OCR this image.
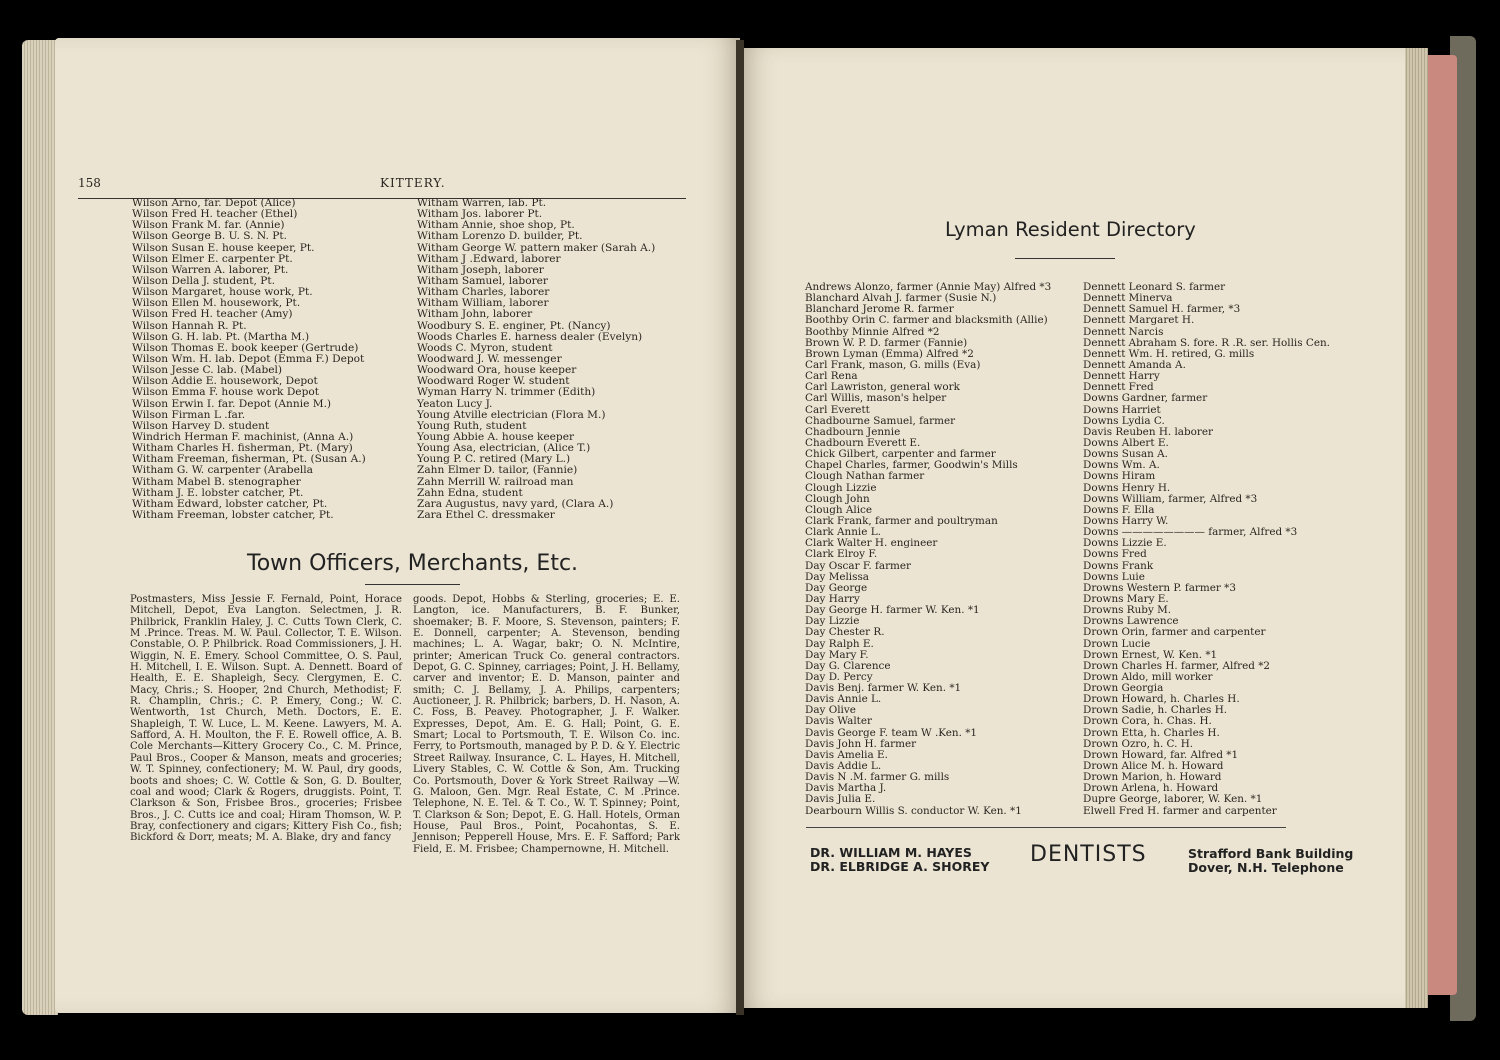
158	KITTERY.
Wilson Arno, far. Depot (Alice)
Wilson Fred H. teacher (Ethel)
Wilson Frank M. far. (Annie)
Wilson George B. U. S. N. Pt.
Wilson Susan E. house keeper, Pt.
Wilson Elmer E. carpenter Pt.
Wilson Warren A. laborer, Pt.
Wilson Della J. student, Pt.
Wilson Margaret, house work, Pt.
Wilson Ellen M. housework, Pt.
Wilson Fred H. teacher (Amy)
Wilson Hannah R. Pt.
Wilson G. H. lab. Pt. (Martha M.)
Wilson Thomas E. book keeper (Gertrude)
Wilson Wm. H. lab. Depot (Emma F.) Depot
Wilson Jesse C. lab. (Mabel)
Wilson Addie E. housework, Depot
Wilson Emma F. house work Depot
Wilson Erwin I. far. Depot (Annie M.)
Wilson Firman L .far.
Wilson Harvey D. student
Windrich Herman F. machinist, (Anna A.)
Witham Charles H. fisherman, Pt. (Mary)
Witham Freeman, fisherman, Pt. (Susan A.)
Witham G. W. carpenter (Arabella
Witham Mabel B. stenographer
Witham J. E. lobster catcher, Pt.
Witham Edward, lobster catcher, Pt.
Witham Freeman, lobster catcher, Pt.
Witham Warren, lab. Pt.
Witham Jos. laborer Pt.
Witham Annie, shoe shop, Pt.
Witham Lorenzo D. builder, Pt.
Witham George W. pattern maker (Sarah A.)
Witham J .Edward, laborer
Witham Joseph, laborer
Witham Samuel, laborer
Witham Charles, laborer
Witham William, laborer
Witham John, laborer
Woodbury S. E. enginer, Pt. (Nancy)
Woods Charles E. harness dealer (Evelyn)
Woods C. Myron, student
Woodward J. W. messenger
Woodward Ora, house keeper
Woodward Roger W. student
Wyman Harry N. trimmer (Edith)
Yeaton Lucy J.
Young Atville electrician (Flora M.)
Young Ruth, student
Young Abbie A. house keeper
Young Asa, electrician, (Alice T.)
Young P. C. retired (Mary L.)
Zahn Elmer D. tailor, (Fannie)
Zahn Merrill W. railroad man
Zahn Edna, student
Zara Augustus, navy yard, (Clara A.)
Zara Ethel C. dressmaker
Town Officers, Merchants, Etc.
Postmasters, Miss Jessie F. Fernald, Point, Horace Mitchell, Depot, Eva Langton. Selectmen, J. R. Philbrick, Franklin Haley, J. C. Cutts Town Clerk, C. M .Prince. Treas. M. W. Paul. Collector, T. E. Wilson. Constable, O. P. Philbrick. Road Commissioners, J. H. Wiggin, N. E. Emery. School Committee, O. S. Paul, H. Mitchell, I. E. Wilson. Supt. A. Dennett. Board of Health, E. E. Shapleigh, Secy. Clergymen, E. C. Macy, Chris.; S. Hooper, 2nd Church, Methodist; F. R. Champlin, Chris.; C. P. Emery, Cong.; W. C. Wentworth, 1st Church, Meth. Doctors, E. E. Shapleigh, T. W. Luce, L. M. Keene. Lawyers, M. A. Safford, A. H. Moulton, the F. E. Rowell office, A. B. Cole Merchants—Kittery Grocery Co., C. M. Prince, Paul Bros., Cooper & Manson, meats and groceries; W. T. Spinney, confectionery; M. W. Paul, dry goods, boots and shoes; C. W. Cottle & Son, G. D. Boulter, coal and wood; Clark & Rogers, druggists. Point, T. Clarkson & Son, Frisbee Bros., groceries; Frisbee Bros., J. C. Cutts ice and coal; Hiram Thomson, W. P. Bray, confectionery and cigars; Kittery Fish Co., fish; Bickford & Dorr, meats; M. A. Blake, dry and fancy
goods. Depot, Hobbs & Sterling, groceries; E. E. Langton, ice. Manufacturers, B. F. Bunker, shoemaker; B. F. Moore, S. Stevenson, painters; F. E. Donnell, carpenter; A. Stevenson, bending machines; L. A. Wagar, bakr; O. N. McIntire, printer; American Truck Co. general contractors. Depot, G. C. Spinney, carriages; Point, J. H. Bellamy, carver and inventor; E. D. Manson, painter and smith; C. J. Bellamy, J. A. Philips, carpenters; Auctioneer, J. R. Philbrick; barbers, D. H. Nason, A. C. Foss, B. Peavey. Photographer, J. F. Walker. Expresses, Depot, Am. E. G. Hall; Point, G. E. Smart; Local to Portsmouth, T. E. Wilson Co. inc. Ferry, to Portsmouth, managed by P. D. & Y. Electric Street Railway. Insurance, C. L. Hayes, H. Mitchell, Livery Stables, C. W. Cottle & Son, Am. Trucking Co. Portsmouth, Dover & York Street Railway —W. G. Maloon, Gen. Mgr. Real Estate, C. M .Prince. Telephone, N. E. Tel. & T. Co., W. T. Spinney; Point, T. Clarkson & Son; Depot, E. G. Hall. Hotels, Orman House, Paul Bros., Point, Pocahontas, S. E. Jennison; Pepperell House, Mrs. E. F. Safford; Park Field, E. M. Frisbee; Champernowne, H. Mitchell.
Lyman Resident Directory
Andrews Alonzo, farmer (Annie May) Alfred *3
Blanchard Alvah J. farmer (Susie N.)
Blanchard Jerome R. farmer
Boothby Orin C. farmer and blacksmith (Allie)
Boothby Minnie Alfred *2
Brown W. P. D. farmer (Fannie)
Brown Lyman (Emma) Alfred *2
Carl Frank, mason, G. mills (Eva)
Carl Rena
Carl Lawriston, general work
Carl Willis, mason's helper
Carl Everett
Chadbourne Samuel, farmer
Chadbourn Jennie
Chadbourn Everett E.
Chick Gilbert, carpenter and farmer
Chapel Charles, farmer, Goodwin's Mills
Clough Nathan farmer
Clough Lizzie
Clough John
Clough Alice
Clark Frank, farmer and poultryman
Clark Annie L.
Clark Walter H. engineer
Clark Elroy F.
Day Oscar F. farmer
Day Melissa
Day George
Day Harry
Day George H. farmer W. Ken. *1
Day Lizzie
Day Chester R.
Day Ralph E.
Day Mary F.
Day G. Clarence
Day D. Percy
Davis Benj. farmer W. Ken. *1
Davis Annie L.
Day Olive
Davis Walter
Davis George F. team W .Ken. *1
Davis John H. farmer
Davis Amelia E.
Davis Addie L.
Davis N .M. farmer G. mills
Davis Martha J.
Davis Julia E.
Dearbourn Willis S. conductor W. Ken. *1
Dennett Leonard S. farmer
Dennett Minerva
Dennett Samuel H. farmer, *3
Dennett Margaret H.
Dennett Narcis
Dennett Abraham S. fore. R .R. ser. Hollis Cen.
Dennett Wm. H. retired, G. mills
Dennett Amanda A.
Dennett Harry
Dennett Fred
Downs Gardner, farmer
Downs Harriet
Downs Lydia C.
Davis Reuben H. laborer
Downs Albert E.
Downs Susan A.
Downs Wm. A.
Downs Hiram
Downs Henry H.
Downs William, farmer, Alfred *3
Downs F. Ella
Downs Harry W.
Downs ———————— farmer, Alfred *3
Downs Lizzie E.
Downs Fred
Downs Frank
Downs Luie
Drowns Western P. farmer *3
Drowns Mary E.
Drowns Ruby M.
Drowns Lawrence
Drown Orin, farmer and carpenter
Drown Lucie
Drown Ernest, W. Ken. *1
Drown Charles H. farmer, Alfred *2
Drown Aldo, mill worker
Drown Georgia
Drown Howard, h. Charles H.
Drown Sadie, h. Charles H.
Drown Cora, h. Chas. H.
Drown Etta, h. Charles H.
Drown Ozro, h. C. H.
Drown Howard, far. Alfred *1
Drown Alice M. h. Howard
Drown Marion, h. Howard
Drown Arlena, h. Howard
Dupre George, laborer, W. Ken. *1
Elwell Fred H. farmer and carpenter
DR. WILLIAM M. HAYES
DR. ELBRIDGE A. SHOREY DENTISTS	Strafford Bank Building
Dover, N.H. Telephone
